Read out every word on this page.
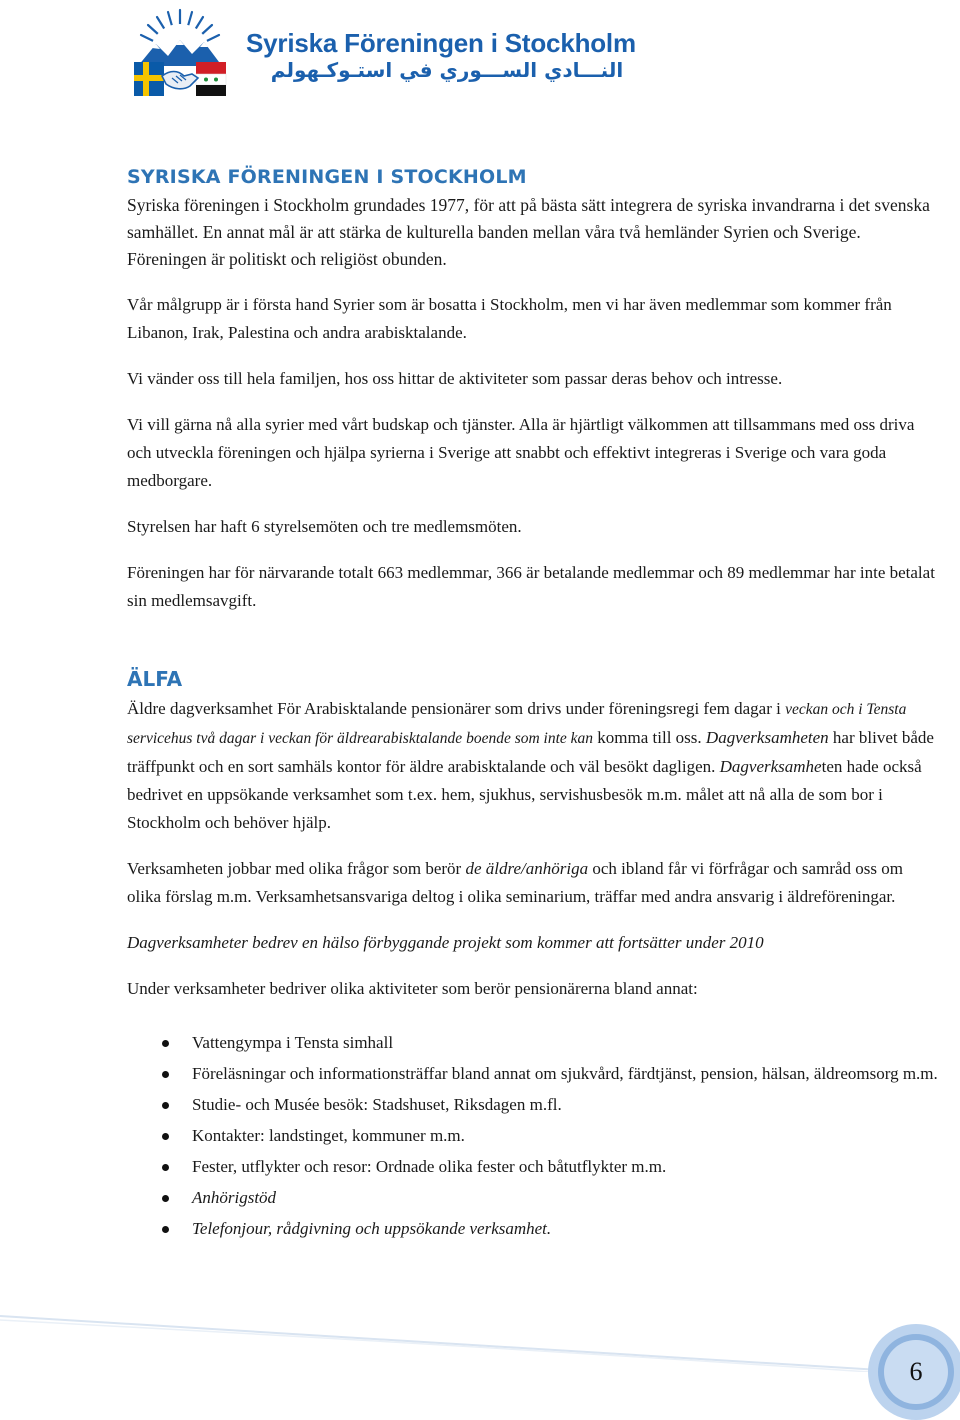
Syriska Föreningen i Stockholm
النـــادي الســـوري في استـوكـهولم
SYRISKA FÖRENINGEN I STOCKHOLM

Syriska föreningen i Stockholm grundades 1977, för att på bästa sätt integrera de syriska invandrarna i det svenska samhället. En annat mål är att stärka de kulturella banden mellan våra två hemländer Syrien och Sverige. Föreningen är politiskt och religiöst obunden.

Vår målgrupp är i första hand Syrier som är bosatta i Stockholm, men vi har även medlemmar som kommer från Libanon, Irak, Palestina och andra arabisktalande.

Vi vänder oss till hela familjen, hos oss hittar de aktiviteter som passar deras behov och intresse.

Vi vill gärna nå alla syrier med vårt budskap och tjänster. Alla är hjärtligt välkommen att tillsammans med oss driva och utveckla föreningen och hjälpa syrierna i Sverige att snabbt och effektivt integreras i Sverige och vara goda medborgare.

Styrelsen har haft 6 styrelsemöten och tre medlemsmöten.

Föreningen har för närvarande totalt 663 medlemmar, 366 är betalande medlemmar och 89 medlemmar har inte betalat sin medlemsavgift.

ÄLFA

Äldre dagverksamhet För Arabisktalande pensionärer som drivs under föreningsregi fem dagar i veckan och i Tensta servicehus två dagar i veckan för äldrearabisktalande boende som inte kan komma till oss. Dagverksamheten har blivet både träffpunkt och en sort samhäls kontor för äldre arabisktalande och väl besökt dagligen. Dagverksamheten hade också bedrivet en uppsökande verksamhet som t.ex. hem, sjukhus, servishusbesök m.m. målet att nå alla de som bor i Stockholm och behöver hjälp.

Verksamheten jobbar med olika frågor som berör de äldre/anhöriga och ibland får vi förfrågar och samråd oss om olika förslag m.m. Verksamhetsansvariga deltog i olika seminarium, träffar med andra ansvarig i äldreföreningar.

Dagverksamheter bedrev en hälso förbyggande projekt som kommer att fortsätter under 2010

Under verksamheter bedriver olika aktiviteter som berör pensionärerna bland annat:

Vattengympa i Tensta simhall
Föreläsningar och informationsträffar bland annat om sjukvård, färdtjänst, pension, hälsan, äldreomsorg m.m.
Studie- och Musée besök: Stadshuset, Riksdagen m.fl.
Kontakter: landstinget, kommuner m.m.
Fester, utflykter och resor: Ordnade olika fester och båtutflykter m.m.
Anhörigstöd
Telefonjour, rådgivning och uppsökande verksamhet.
6
